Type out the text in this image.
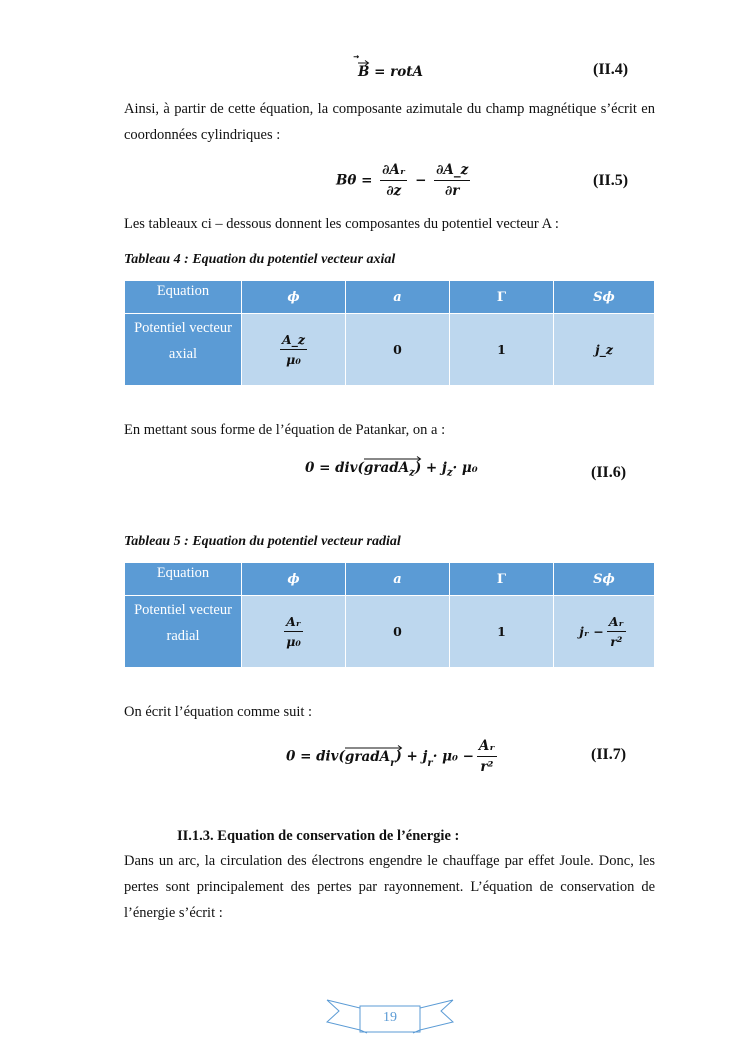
B = rotA	(II.4)
Ainsi, à partir de cette équation, la composante azimutale du champ magnétique s’écrit en coordonnées cylindriques :
$B\theta = \frac{\text{∂Aᵣ}}{\partial z} - \frac{\partial A\_z}{\partial r}$	(II.5)
Les tableaux ci – dessous donnent les composantes du potentiel vecteur A :
Tableau 4 : Equation du potentiel vecteur axial
Equation	ϕ	a	Γ	Sϕ
Potentiel vecteur axial	$\frac{A\_z}{\text{μ₀}}$	0	1	j_z
En mettant sous forme de l’équation de Patankar, on a :
0 = div(
gradA$_z$) + $j_z\cdot \mu_0$	(II.6)
Tableau 5 : Equation du potentiel vecteur radial
Equation	ϕ	a	Γ	Sϕ
Potentiel vecteur radial	$\frac{\text{Aᵣ}}{\text{μ₀}}$	0	1	jᵣ − $\frac{\text{Aᵣ}}{\text{r²}}$
On écrit l’équation comme suit :
0 = div(
gradA$_r$) + $j_r\cdot \mu_0 - \frac{\text{Aᵣ}}{\text{r²}}$	(II.7)
II.1.3. Equation de conservation de l’énergie :
Dans un arc, la circulation des électrons engendre le chauffage par effet Joule. Donc, les pertes sont principalement des pertes par rayonnement. L’équation de conservation de l’énergie s’écrit :
19
